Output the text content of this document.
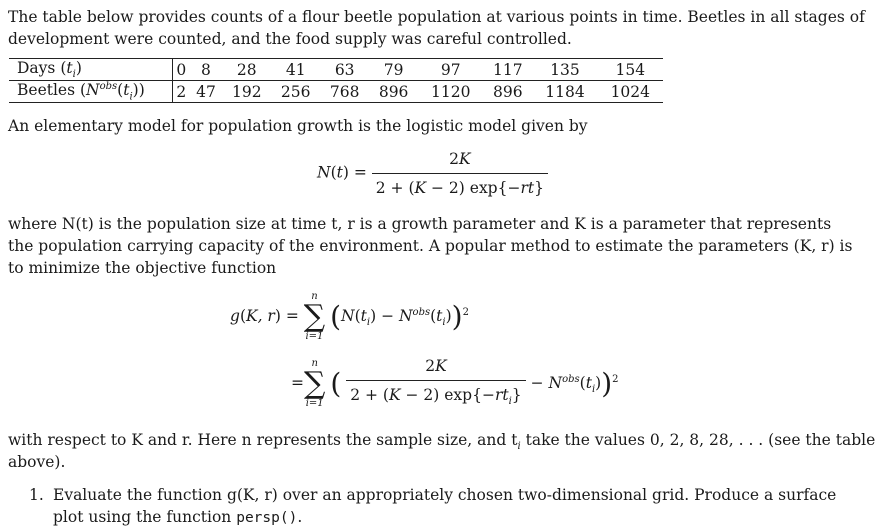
The table below provides counts of a flour beetle population at various points in time. Beetles in all stages of
development were counted, and the food supply was careful controlled.
Days $(t_i)$	0	8	28	41	63	79	97	117	135	154
Beetles $(N^{obs}(t_i))$	2	47	192	256	768	896	1120	896	1184	1024
An elementary model for population growth is the logistic model given by
$N(t) = \frac{2K}{2 + (K - 2) \exp\{-rt\}}$
where N(t) is the population size at time t, r is a growth parameter and K is a parameter that represents
the population carrying capacity of the environment. A popular method to estimate the parameters (K, r) is
to minimize the objective function
g(K, r) =
n
∑
i=1
$(N(t_i) - N^{obs}(t_i))^2$
=
n
∑
i=1
( $\frac{2K}{2 + (K - 2) \exp\{-rt_i\}} - N^{obs}(t_i))^2$
with respect to K and r. Here n represents the sample size, and $t_i$ take the values 0, 2, 8, 28, . . . (see the table
above).
1. Evaluate the function g(K, r) over an appropriately chosen two-dimensional grid. Produce a surface
plot using the function persp().
